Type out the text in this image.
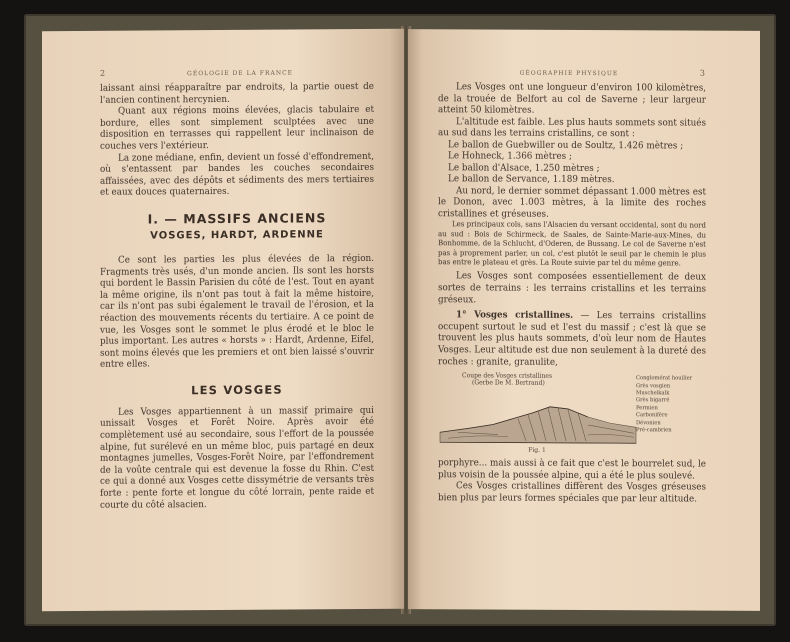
2	GÉOLOGIE DE LA FRANCE

laissant ainsi réapparaître par endroits, la partie ouest de l'ancien continent hercynien.

Quant aux régions moins élevées, glacis tabulaire et bordure, elles sont simplement sculptées avec une disposition en terrasses qui rappellent leur inclinaison de couches vers l'extérieur.

La zone médiane, enfin, devient un fossé d'effondrement, où s'entassent par bandes les couches secondaires affaissées, avec des dépôts et sédiments des mers tertiaires et eaux douces quaternaires.

I. — MASSIFS ANCIENS
VOSGES, HARDT, ARDENNE

Ce sont les parties les plus élevées de la région. Fragments très usés, d'un monde ancien. Ils sont les horsts qui bordent le Bassin Parisien du côté de l'est. Tout en ayant la même origine, ils n'ont pas tout à fait la même histoire, car ils n'ont pas subi également le travail de l'érosion, et la réaction des mouvements récents du tertiaire. A ce point de vue, les Vosges sont le sommet le plus érodé et le bloc le plus important. Les autres « horsts » : Hardt, Ardenne, Eifel, sont moins élevés que les premiers et ont bien laissé s'ouvrir entre elles.

LES VOSGES

Les Vosges appartiennent à un massif primaire qui unissait Vosges et Forêt Noire. Après avoir été complètement usé au secondaire, sous l'effort de la poussée alpine, fut surélevé en un même bloc, puis partagé en deux montagnes jumelles, Vosges-Forêt Noire, par l'effondrement de la voûte centrale qui est devenue la fosse du Rhin. C'est ce qui a donné aux Vosges cette dissymétrie de versants très forte : pente forte et longue du côté lorrain, pente raide et courte du côté alsacien.

GÉOGRAPHIE PHYSIQUE	3

Les Vosges ont une longueur d'environ 100 kilomètres, de la trouée de Belfort au col de Saverne ; leur largeur atteint 50 kilomètres.

L'altitude est faible. Les plus hauts sommets sont situés au sud dans les terrains cristallins, ce sont :

Le ballon de Guebwiller ou de Soultz, 1.426 mètres ;
Le Hohneck, 1.366 mètres ;
Le ballon d'Alsace, 1.250 mètres ;
Le ballon de Servance, 1.189 mètres.

Au nord, le dernier sommet dépassant 1.000 mètres est le Donon, avec 1.003 mètres, à la limite des roches cristallines et gréseuses.

Les principaux cols, sans l'Alsacien du versant occidental, sont du nord au sud : Bois de Schirmeck, de Saales, de Sainte-Marie-aux-Mines, du Bonhomme, de la Schlucht, d'Oderen, de Bussang. Le col de Saverne n'est pas à proprement parler, un col, c'est plutôt le seuil par le chemin le plus bas entre le plateau et grès. La Route suivie par tel du même genre.

Les Vosges sont composées essentiellement de deux sortes de terrains : les terrains cristallins et les terrains gréseux.

1° Vosges cristallines. — Les terrains cristallins occupent surtout le sud et l'est du massif ; c'est là que se trouvent les plus hauts sommets, d'où leur nom de Hautes Vosges. Leur altitude est due non seulement à la dureté des roches : granite, granulite,

Coupe des Vosges cristallines
(Gerbe De M. Bertrand)
Conglomérat houiller
Grès vosgien
Muschelkalk
Grès bigarré
Permien
Carbonifère
Dévonien
Pré-cambrien
Fig. 1

porphyre... mais aussi à ce fait que c'est le bourrelet sud, le plus voisin de la poussée alpine, qui a été le plus soulevé.

Ces Vosges cristallines diffèrent des Vosges gréseuses bien plus par leurs formes spéciales que par leur altitude.
